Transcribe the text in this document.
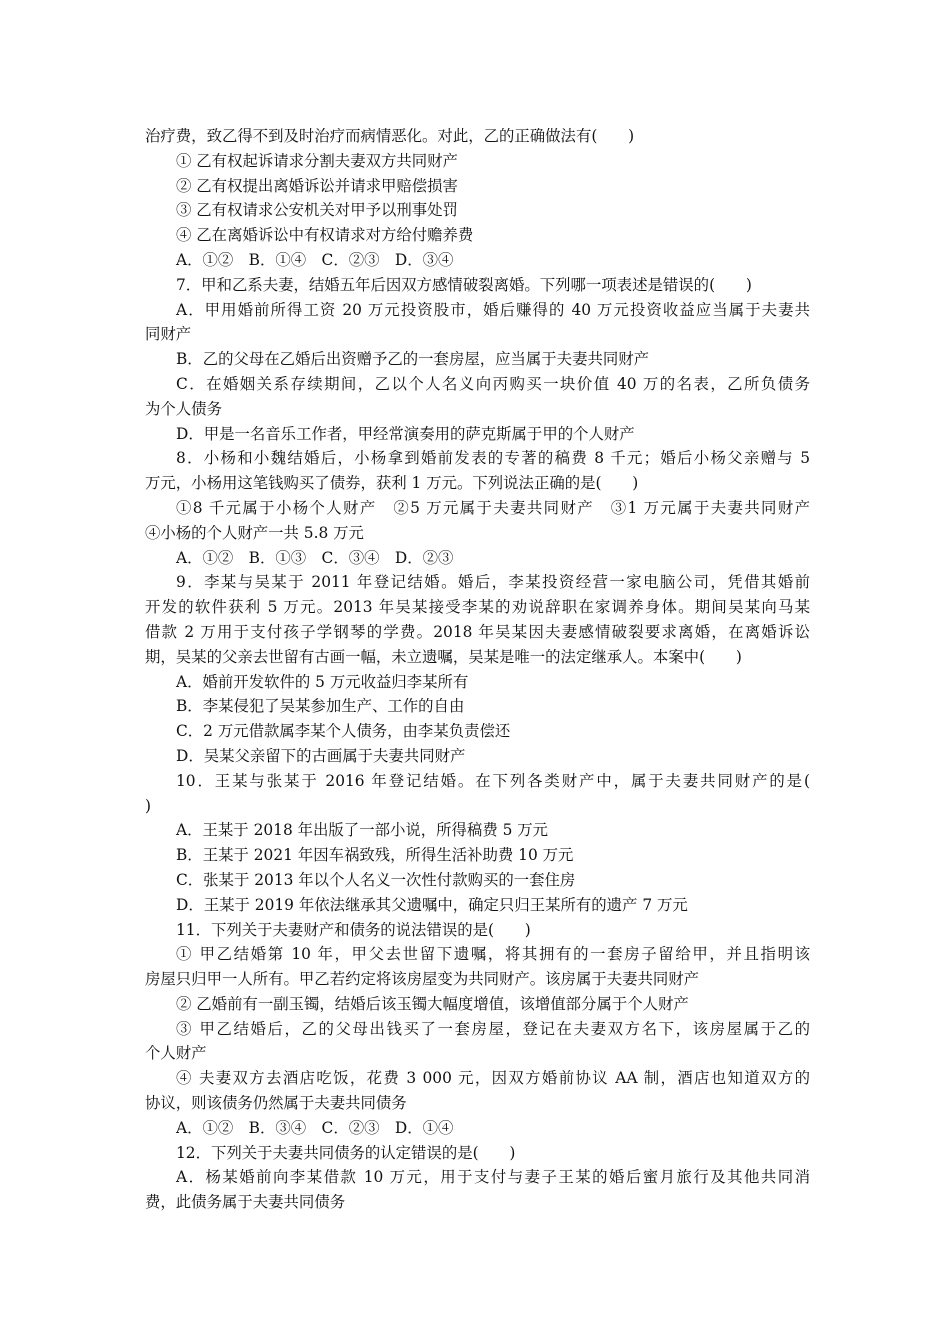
治疗费，致乙得不到及时治疗而病情恶化。对此，乙的正确做法有(　　)
① 乙有权起诉请求分割夫妻双方共同财产
② 乙有权提出离婚诉讼并请求甲赔偿损害
③ 乙有权请求公安机关对甲予以刑事处罚
④ 乙在离婚诉讼中有权请求对方给付赡养费
A．①②　B．①④　C．②③　D．③④
7．甲和乙系夫妻，结婚五年后因双方感情破裂离婚。下列哪一项表述是错误的(　　)
A．甲用婚前所得工资 20 万元投资股市，婚后赚得的 40 万元投资收益应当属于夫妻共
同财产
B．乙的父母在乙婚后出资赠予乙的一套房屋，应当属于夫妻共同财产
C．在婚姻关系存续期间，乙以个人名义向丙购买一块价值 40 万的名表，乙所负债务
为个人债务
D．甲是一名音乐工作者，甲经常演奏用的萨克斯属于甲的个人财产
8．小杨和小魏结婚后，小杨拿到婚前发表的专著的稿费 8 千元；婚后小杨父亲赠与 5
万元，小杨用这笔钱购买了债券，获利 1 万元。下列说法正确的是(　　)
①8 千元属于小杨个人财产　②5 万元属于夫妻共同财产　③1 万元属于夫妻共同财产
④小杨的个人财产一共 5.8 万元
A．①②　B．①③　C．③④　D．②③
9．李某与吴某于 2011 年登记结婚。婚后，李某投资经营一家电脑公司，凭借其婚前
开发的软件获利 5 万元。2013 年吴某接受李某的劝说辞职在家调养身体。期间吴某向马某
借款 2 万用于支付孩子学钢琴的学费。2018 年吴某因夫妻感情破裂要求离婚，在离婚诉讼
期，吴某的父亲去世留有古画一幅，未立遗嘱，吴某是唯一的法定继承人。本案中(　　)
A．婚前开发软件的 5 万元收益归李某所有
B．李某侵犯了吴某参加生产、工作的自由
C．2 万元借款属李某个人债务，由李某负责偿还
D．吴某父亲留下的古画属于夫妻共同财产
10．王某与张某于 2016 年登记结婚。在下列各类财产中，属于夫妻共同财产的是(
)
A．王某于 2018 年出版了一部小说，所得稿费 5 万元
B．王某于 2021 年因车祸致残，所得生活补助费 10 万元
C．张某于 2013 年以个人名义一次性付款购买的一套住房
D．王某于 2019 年依法继承其父遗嘱中，确定只归王某所有的遗产 7 万元
11．下列关于夫妻财产和债务的说法错误的是(　　)
① 甲乙结婚第 10 年，甲父去世留下遗嘱，将其拥有的一套房子留给甲，并且指明该
房屋只归甲一人所有。甲乙若约定将该房屋变为共同财产。该房属于夫妻共同财产
② 乙婚前有一副玉镯，结婚后该玉镯大幅度增值，该增值部分属于个人财产
③ 甲乙结婚后，乙的父母出钱买了一套房屋，登记在夫妻双方名下，该房屋属于乙的
个人财产
④ 夫妻双方去酒店吃饭，花费 3 000 元，因双方婚前协议 AA 制，酒店也知道双方的
协议，则该债务仍然属于夫妻共同债务
A．①②　B．③④　C．②③　D．①④
12．下列关于夫妻共同债务的认定错误的是(　　)
A．杨某婚前向李某借款 10 万元，用于支付与妻子王某的婚后蜜月旅行及其他共同消
费，此债务属于夫妻共同债务
